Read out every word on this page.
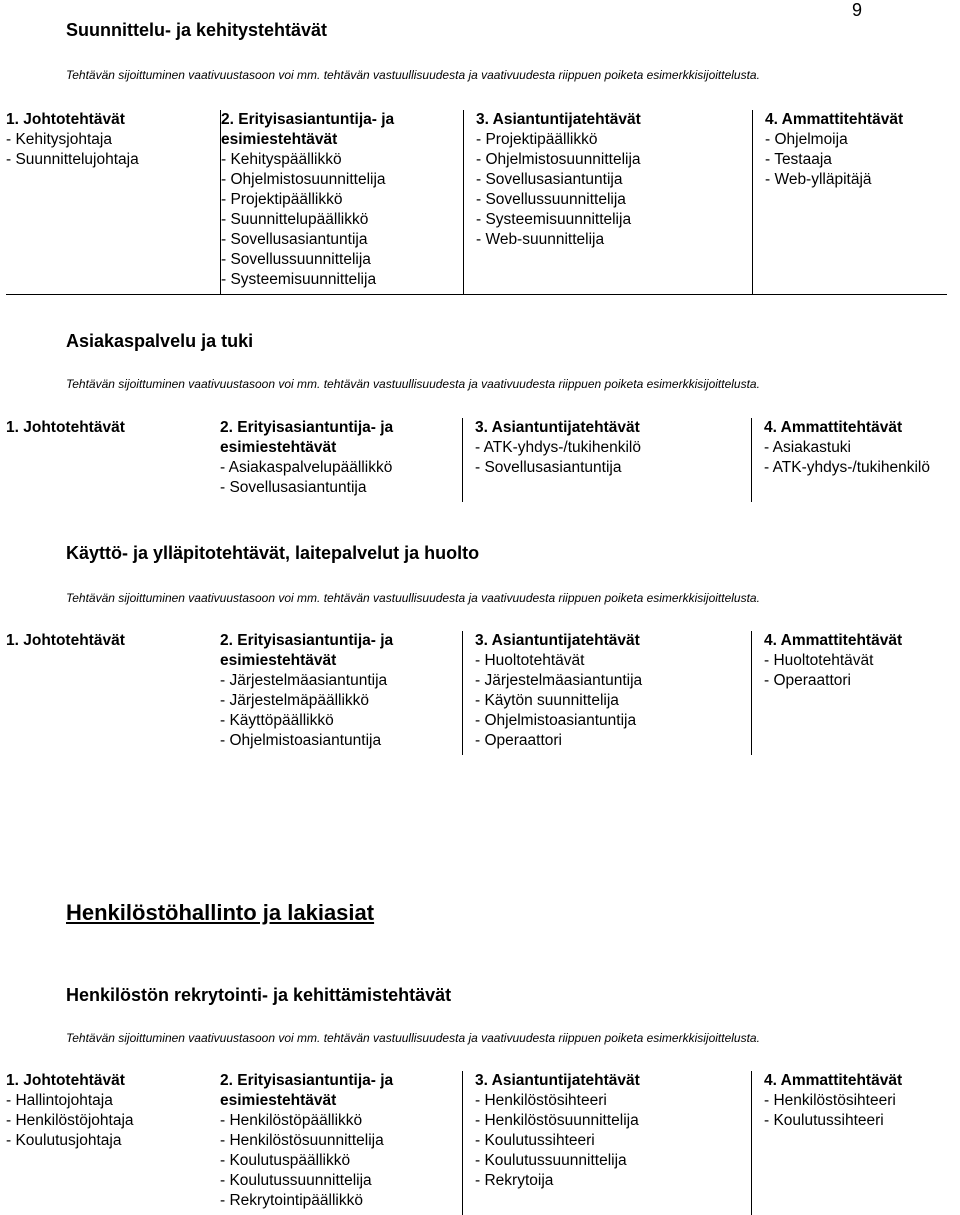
9
Suunnittelu- ja kehitystehtävät
Tehtävän sijoittuminen vaativuustasoon voi mm. tehtävän vastuullisuudesta ja vaativuudesta riippuen poiketa esimerkkisijoittelusta.
1. Johtotehtävät
- Kehitysjohtaja
- Suunnittelujohtaja

2. Erityisasiantuntija- ja esimiestehtävät
- Kehityspäällikkö
- Ohjelmistosuunnittelija
- Projektipäällikkö
- Suunnittelupäällikkö
- Sovellusasiantuntija
- Sovellussuunnittelija
- Systeemisuunnittelija

3. Asiantuntijatehtävät
- Projektipäällikkö
- Ohjelmistosuunnittelija
- Sovellusasiantuntija
- Sovellussuunnittelija
- Systeemisuunnittelija
- Web-suunnittelija

4. Ammattitehtävät
- Ohjelmoija
- Testaaja
- Web-ylläpitäjä
Asiakaspalvelu ja tuki
Tehtävän sijoittuminen vaativuustasoon voi mm. tehtävän vastuullisuudesta ja vaativuudesta riippuen poiketa esimerkkisijoittelusta.
1. Johtotehtävät	2. Erityisasiantuntija- ja esimiestehtävät
- Asiakaspalvelupäällikkö
- Sovellusasiantuntija

3. Asiantuntijatehtävät
- ATK-yhdys-/tukihenkilö
- Sovellusasiantuntija

4. Ammattitehtävät
- Asiakastuki
- ATK-yhdys-/tukihenkilö
Käyttö- ja ylläpitotehtävät, laitepalvelut ja huolto
Tehtävän sijoittuminen vaativuustasoon voi mm. tehtävän vastuullisuudesta ja vaativuudesta riippuen poiketa esimerkkisijoittelusta.
1. Johtotehtävät	2. Erityisasiantuntija- ja esimiestehtävät
- Järjestelmäasiantuntija
- Järjestelmäpäällikkö
- Käyttöpäällikkö
- Ohjelmistoasiantuntija

3. Asiantuntijatehtävät
- Huoltotehtävät
- Järjestelmäasiantuntija
- Käytön suunnittelija
- Ohjelmistoasiantuntija
- Operaattori

4. Ammattitehtävät
- Huoltotehtävät
- Operaattori
Henkilöstöhallinto ja lakiasiat
Henkilöstön rekrytointi- ja kehittämistehtävät
Tehtävän sijoittuminen vaativuustasoon voi mm. tehtävän vastuullisuudesta ja vaativuudesta riippuen poiketa esimerkkisijoittelusta.
1. Johtotehtävät
- Hallintojohtaja
- Henkilöstöjohtaja
- Koulutusjohtaja

2. Erityisasiantuntija- ja esimiestehtävät
- Henkilöstöpäällikkö
- Henkilöstösuunnittelija
- Koulutuspäällikkö
- Koulutussuunnittelija
- Rekrytointipäällikkö

3. Asiantuntijatehtävät
- Henkilöstösihteeri
- Henkilöstösuunnittelija
- Koulutussihteeri
- Koulutussuunnittelija
- Rekrytoija

4. Ammattitehtävät
- Henkilöstösihteeri
- Koulutussihteeri
